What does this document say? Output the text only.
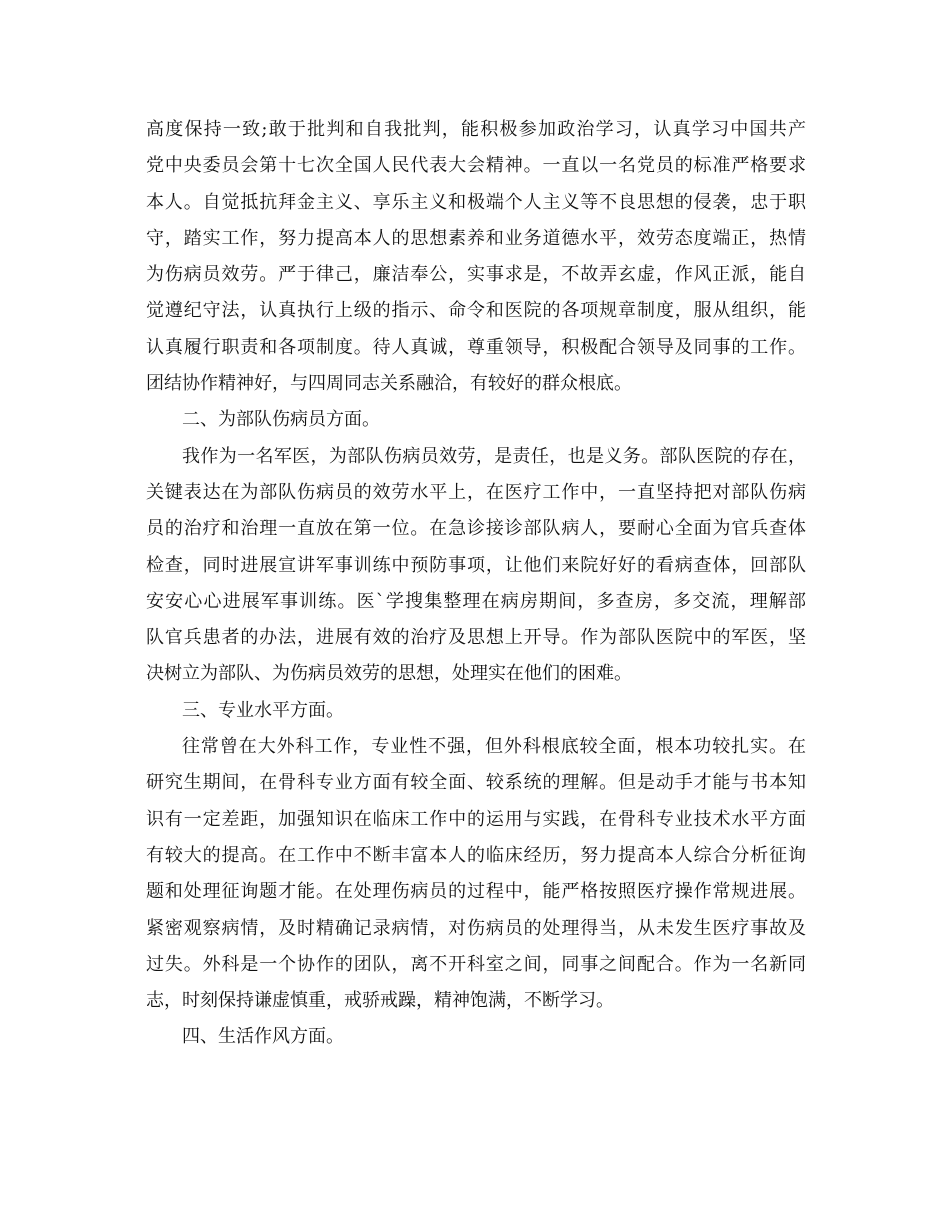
高度保持一致;敢于批判和自我批判，能积极参加政治学习，认真学习中国共产
党中央委员会第十七次全国人民代表大会精神。一直以一名党员的标准严格要求
本人。自觉抵抗拜金主义、享乐主义和极端个人主义等不良思想的侵袭，忠于职
守，踏实工作，努力提高本人的思想素养和业务道德水平，效劳态度端正，热情
为伤病员效劳。严于律己，廉洁奉公，实事求是，不故弄玄虚，作风正派，能自
觉遵纪守法，认真执行上级的指示、命令和医院的各项规章制度，服从组织，能
认真履行职责和各项制度。待人真诚，尊重领导，积极配合领导及同事的工作。
团结协作精神好，与四周同志关系融洽，有较好的群众根底。
二、为部队伤病员方面。
我作为一名军医，为部队伤病员效劳，是责任，也是义务。部队医院的存在，
关键表达在为部队伤病员的效劳水平上，在医疗工作中，一直坚持把对部队伤病
员的治疗和治理一直放在第一位。在急诊接诊部队病人，要耐心全面为官兵查体
检查，同时进展宣讲军事训练中预防事项，让他们来院好好的看病查体，回部队
安安心心进展军事训练。医`学搜集整理在病房期间，多查房，多交流，理解部
队官兵患者的办法，进展有效的治疗及思想上开导。作为部队医院中的军医，坚
决树立为部队、为伤病员效劳的思想，处理实在他们的困难。
三、专业水平方面。
往常曾在大外科工作，专业性不强，但外科根底较全面，根本功较扎实。在
研究生期间，在骨科专业方面有较全面、较系统的理解。但是动手才能与书本知
识有一定差距，加强知识在临床工作中的运用与实践，在骨科专业技术水平方面
有较大的提高。在工作中不断丰富本人的临床经历，努力提高本人综合分析征询
题和处理征询题才能。在处理伤病员的过程中，能严格按照医疗操作常规进展。
紧密观察病情，及时精确记录病情，对伤病员的处理得当，从未发生医疗事故及
过失。外科是一个协作的团队，离不开科室之间，同事之间配合。作为一名新同
志，时刻保持谦虚慎重，戒骄戒躁，精神饱满，不断学习。
四、生活作风方面。
